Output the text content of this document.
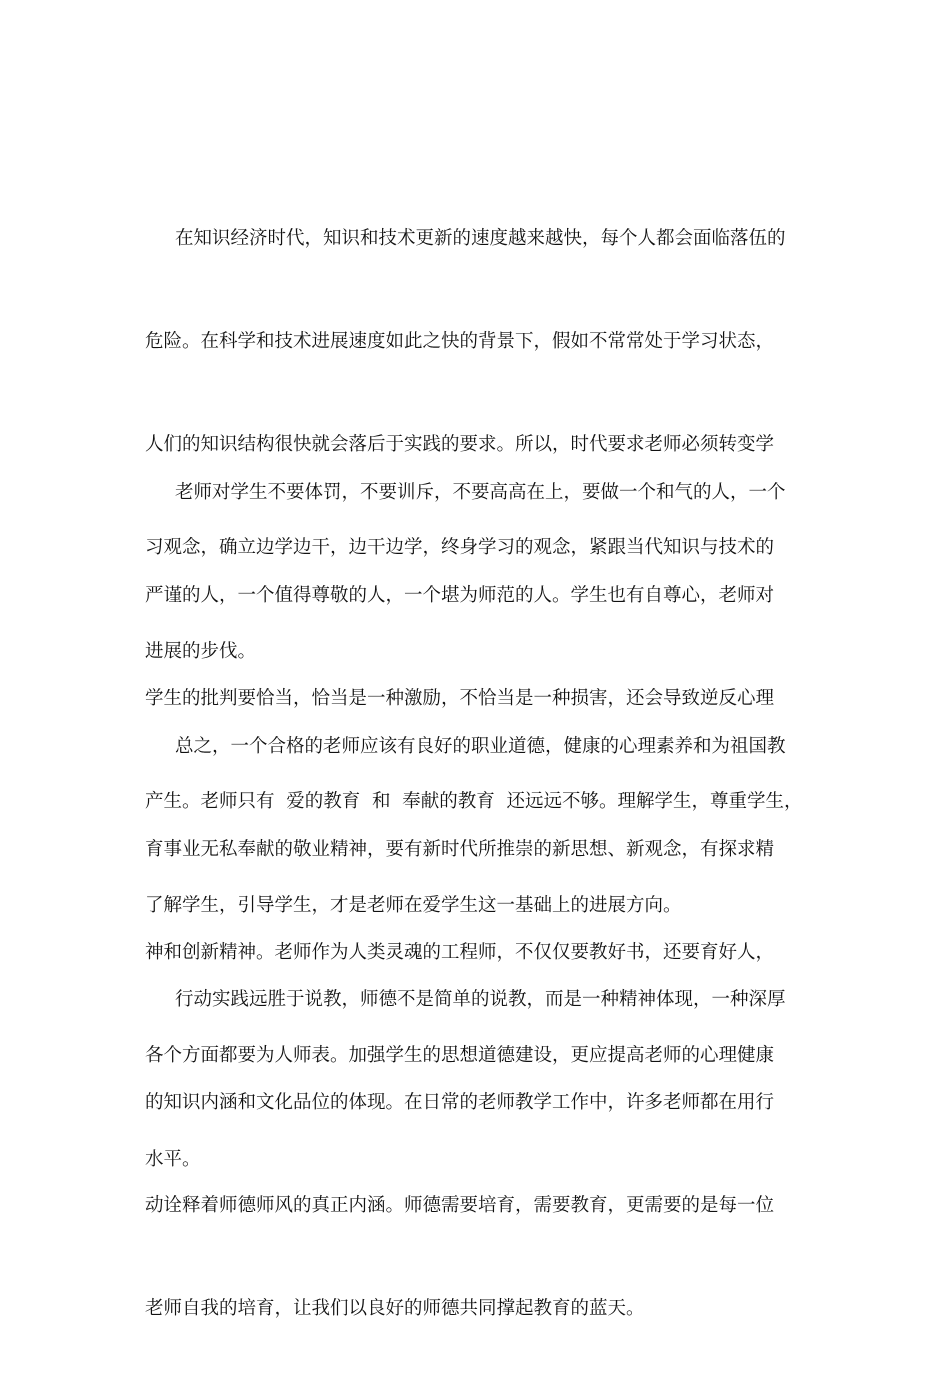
在知识经济时代，知识和技术更新的速度越来越快，每个人都会面临落伍的

危险。在科学和技术进展速度如此之快的背景下，假如不常常处于学习状态，

人们的知识结构很快就会落后于实践的要求。所以，时代要求老师必须转变学

习观念，确立边学边干，边干边学，终身学习的观念，紧跟当代知识与技术的

进展的步伐。

老师对学生不要体罚，不要训斥，不要高高在上，要做一个和气的人，一个

严谨的人，一个值得尊敬的人，一个堪为师范的人。学生也有自尊心，老师对

学生的批判要恰当，恰当是一种激励，不恰当是一种损害，还会导致逆反心理

产生。老师只有  爱的教育  和  奉献的教育  还远远不够。理解学生，尊重学生，

了解学生，引导学生，才是老师在爱学生这一基础上的进展方向。

总之，一个合格的老师应该有良好的职业道德，健康的心理素养和为祖国教

育事业无私奉献的敬业精神，要有新时代所推崇的新思想、新观念，有探求精

神和创新精神。老师作为人类灵魂的工程师，不仅仅要教好书，还要育好人，

各个方面都要为人师表。加强学生的思想道德建设，更应提高老师的心理健康

水平。

行动实践远胜于说教，师德不是简单的说教，而是一种精神体现，一种深厚

的知识内涵和文化品位的体现。在日常的老师教学工作中，许多老师都在用行

动诠释着师德师风的真正内涵。师德需要培育，需要教育，更需要的是每一位

老师自我的培育，让我们以良好的师德共同撑起教育的蓝天。
